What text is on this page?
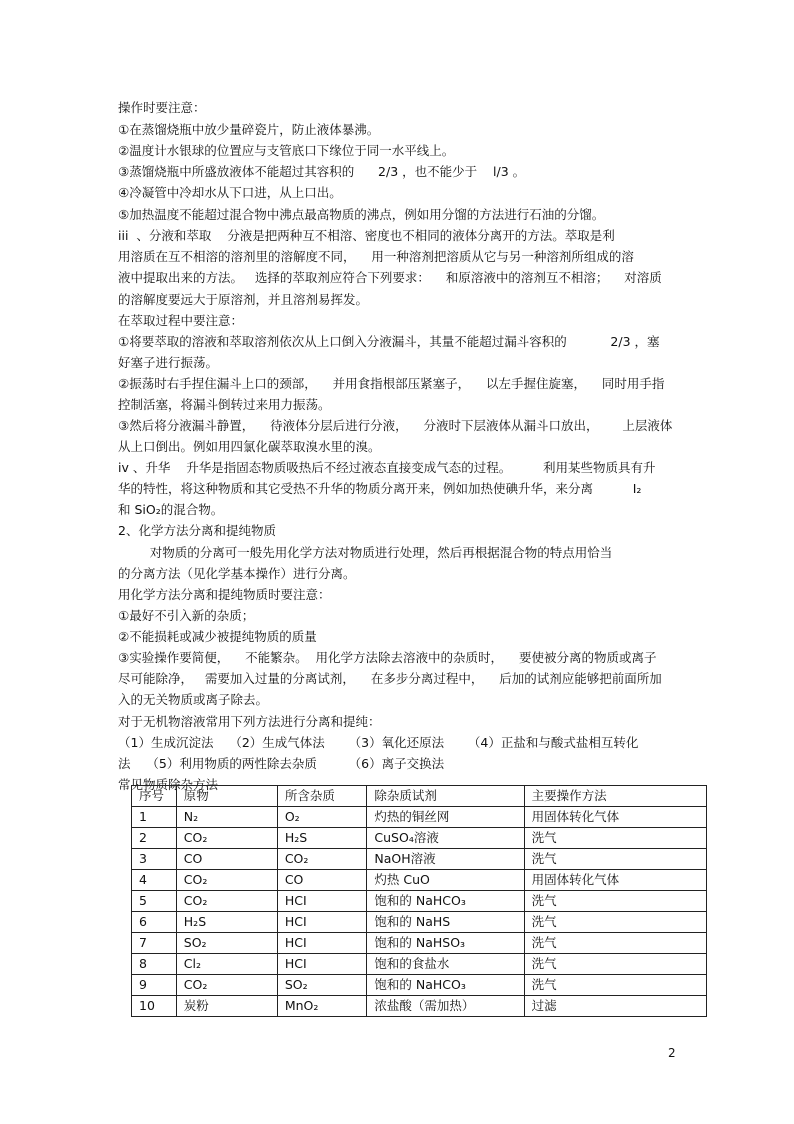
操作时要注意：
①在蒸馏烧瓶中放少量碎瓷片，防止液体暴沸。
②温度计水银球的位置应与支管底口下缘位于同一水平线上。
③蒸馏烧瓶中所盛放液体不能超过其容积的      2/3 ，也不能少于    l/3 。
④冷凝管中冷却水从下口进，从上口出。
⑤加热温度不能超过混合物中沸点最高物质的沸点，例如用分馏的方法进行石油的分馏。
iii  、分液和萃取    分液是把两种互不相溶、密度也不相同的液体分离开的方法。萃取是利
用溶质在互不相溶的溶剂里的溶解度不同，    用一种溶剂把溶质从它与另一种溶剂所组成的溶
液中提取出来的方法。   选择的萃取剂应符合下列要求：    和原溶液中的溶剂互不相溶；    对溶质
的溶解度要远大于原溶剂，并且溶剂易挥发。
在萃取过程中要注意：
①将要萃取的溶液和萃取溶剂依次从上口倒入分液漏斗，其量不能超过漏斗容积的           2/3 ，塞
好塞子进行振荡。
②振荡时右手捏住漏斗上口的颈部，    并用食指根部压紧塞子，    以左手握住旋塞，    同时用手指
控制活塞，将漏斗倒转过来用力振荡。
③然后将分液漏斗静置，    待液体分层后进行分液，    分液时下层液体从漏斗口放出，      上层液体
从上口倒出。例如用四氯化碳萃取溴水里的溴。
iv 、升华    升华是指固态物质吸热后不经过液态直接变成气态的过程。        利用某些物质具有升
华的特性，将这种物质和其它受热不升华的物质分离开来，例如加热使碘升华，来分离          I₂
和 SiO₂的混合物。
2、化学方法分离和提纯物质
对物质的分离可一般先用化学方法对物质进行处理，然后再根据混合物的特点用恰当
的分离方法（见化学基本操作）进行分离。
用化学方法分离和提纯物质时要注意：
①最好不引入新的杂质；
②不能损耗或减少被提纯物质的质量
③实验操作要简便，    不能繁杂。  用化学方法除去溶液中的杂质时，    要使被分离的物质或离子
尽可能除净，   需要加入过量的分离试剂，    在多步分离过程中，    后加的试剂应能够把前面所加
入的无关物质或离子除去。
对于无机物溶液常用下列方法进行分离和提纯：
（1）生成沉淀法    （2）生成气体法      （3）氧化还原法      （4）正盐和与酸式盐相互转化
法    （5）利用物质的两性除去杂质        （6）离子交换法
常见物质除杂方法
序号	原物	所含杂质	除杂质试剂	主要操作方法
1	N₂	O₂	灼热的铜丝网	用固体转化气体
2	CO₂	H₂S	CuSO₄溶液	洗气
3	CO	CO₂	NaOH溶液	洗气
4	CO₂	CO	灼热 CuO	用固体转化气体
5	CO₂	HCI	饱和的 NaHCO₃	洗气
6	H₂S	HCI	饱和的 NaHS	洗气
7	SO₂	HCI	饱和的 NaHSO₃	洗气
8	Cl₂	HCI	饱和的食盐水	洗气
9	CO₂	SO₂	饱和的 NaHCO₃	洗气
10	炭粉	MnO₂	浓盐酸（需加热）	过滤
2
